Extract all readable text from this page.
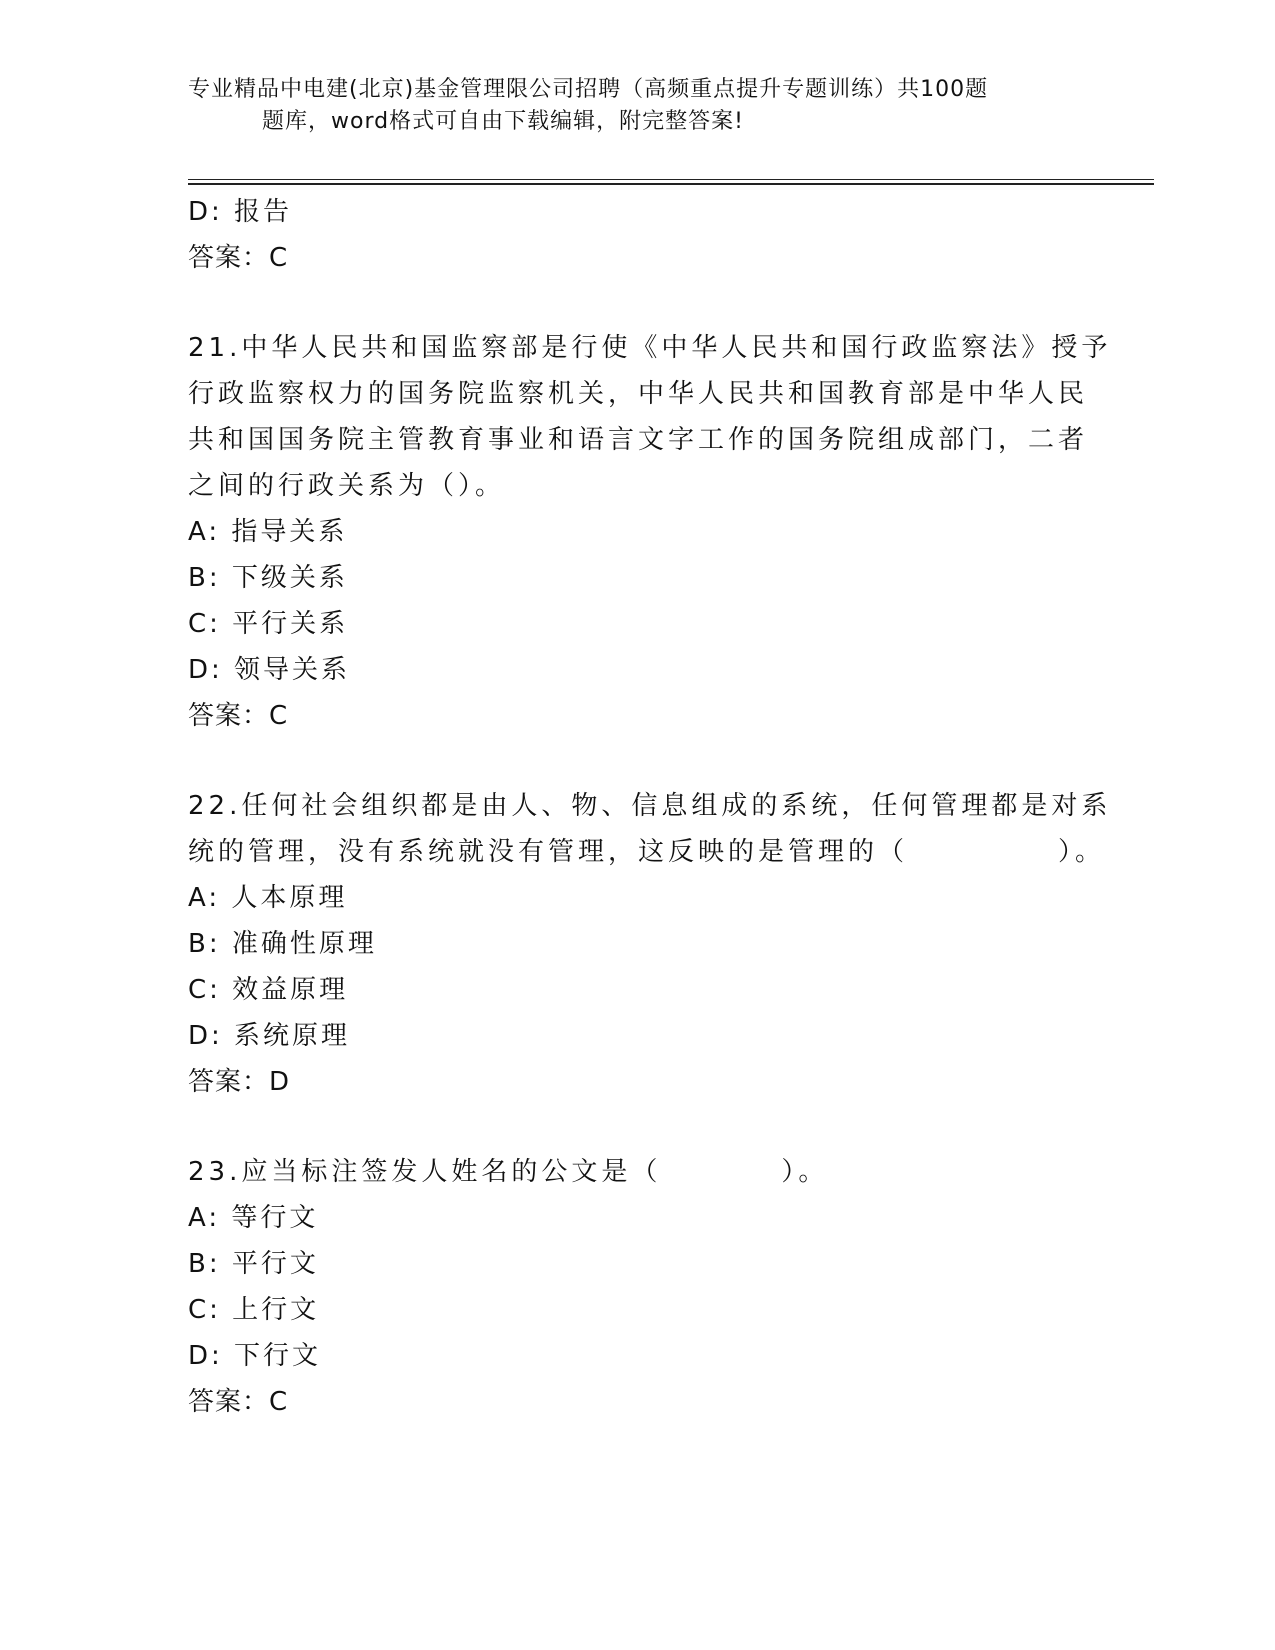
专业精品中电建(北京)基金管理限公司招聘（高频重点提升专题训练）共100题
题库，word格式可自由下载编辑，附完整答案!
D: 报告
答案：C
21.中华人民共和国监察部是行使《中华人民共和国行政监察法》授予
行政监察权力的国务院监察机关，中华人民共和国教育部是中华人民
共和国国务院主管教育事业和语言文字工作的国务院组成部门，二者
之间的行政关系为（）。
A: 指导关系
B: 下级关系
C: 平行关系
D: 领导关系
答案：C
22.任何社会组织都是由人、物、信息组成的系统，任何管理都是对系
统的管理，没有系统就没有管理，这反映的是管理的（　　　　　）。
A: 人本原理
B: 准确性原理
C: 效益原理
D: 系统原理
答案：D
23.应当标注签发人姓名的公文是（　　　　）。
A: 等行文
B: 平行文
C: 上行文
D: 下行文
答案：C
